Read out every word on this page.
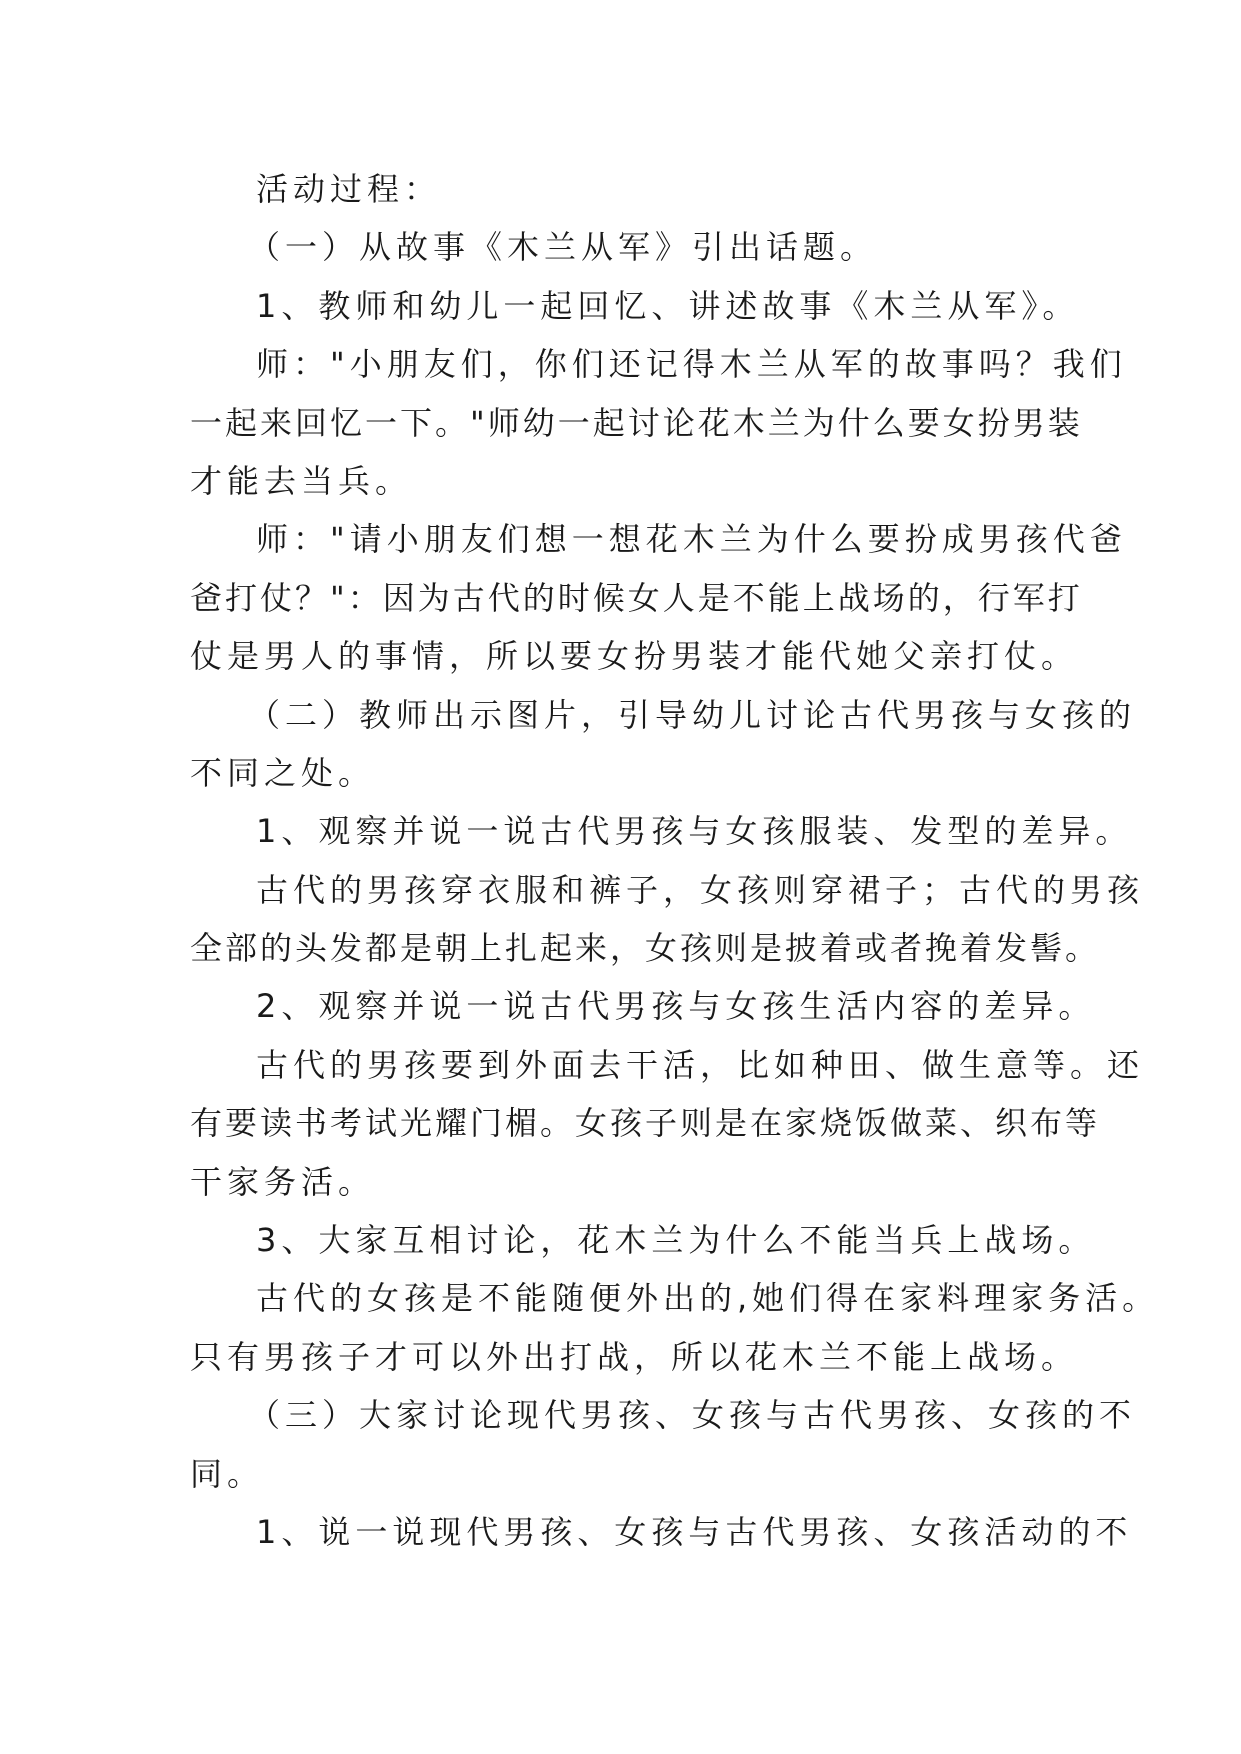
活动过程：
（一）从故事《木兰从军》引出话题。
1、教师和幼儿一起回忆、讲述故事《木兰从军》。
师："小朋友们，你们还记得木兰从军的故事吗？我们
一起来回忆一下。"师幼一起讨论花木兰为什么要女扮男装
才能去当兵。
师："请小朋友们想一想花木兰为什么要扮成男孩代爸
爸打仗？"：因为古代的时候女人是不能上战场的，行军打
仗是男人的事情，所以要女扮男装才能代她父亲打仗。
（二）教师出示图片，引导幼儿讨论古代男孩与女孩的
不同之处。
1、观察并说一说古代男孩与女孩服装、发型的差异。
古代的男孩穿衣服和裤子，女孩则穿裙子；古代的男孩
全部的头发都是朝上扎起来，女孩则是披着或者挽着发髻。
2、观察并说一说古代男孩与女孩生活内容的差异。
古代的男孩要到外面去干活，比如种田、做生意等。还
有要读书考试光耀门楣。女孩子则是在家烧饭做菜、织布等
干家务活。
3、大家互相讨论，花木兰为什么不能当兵上战场。
古代的女孩是不能随便外出的,她们得在家料理家务活。
只有男孩子才可以外出打战，所以花木兰不能上战场。
（三）大家讨论现代男孩、女孩与古代男孩、女孩的不
同。
1、说一说现代男孩、女孩与古代男孩、女孩活动的不
